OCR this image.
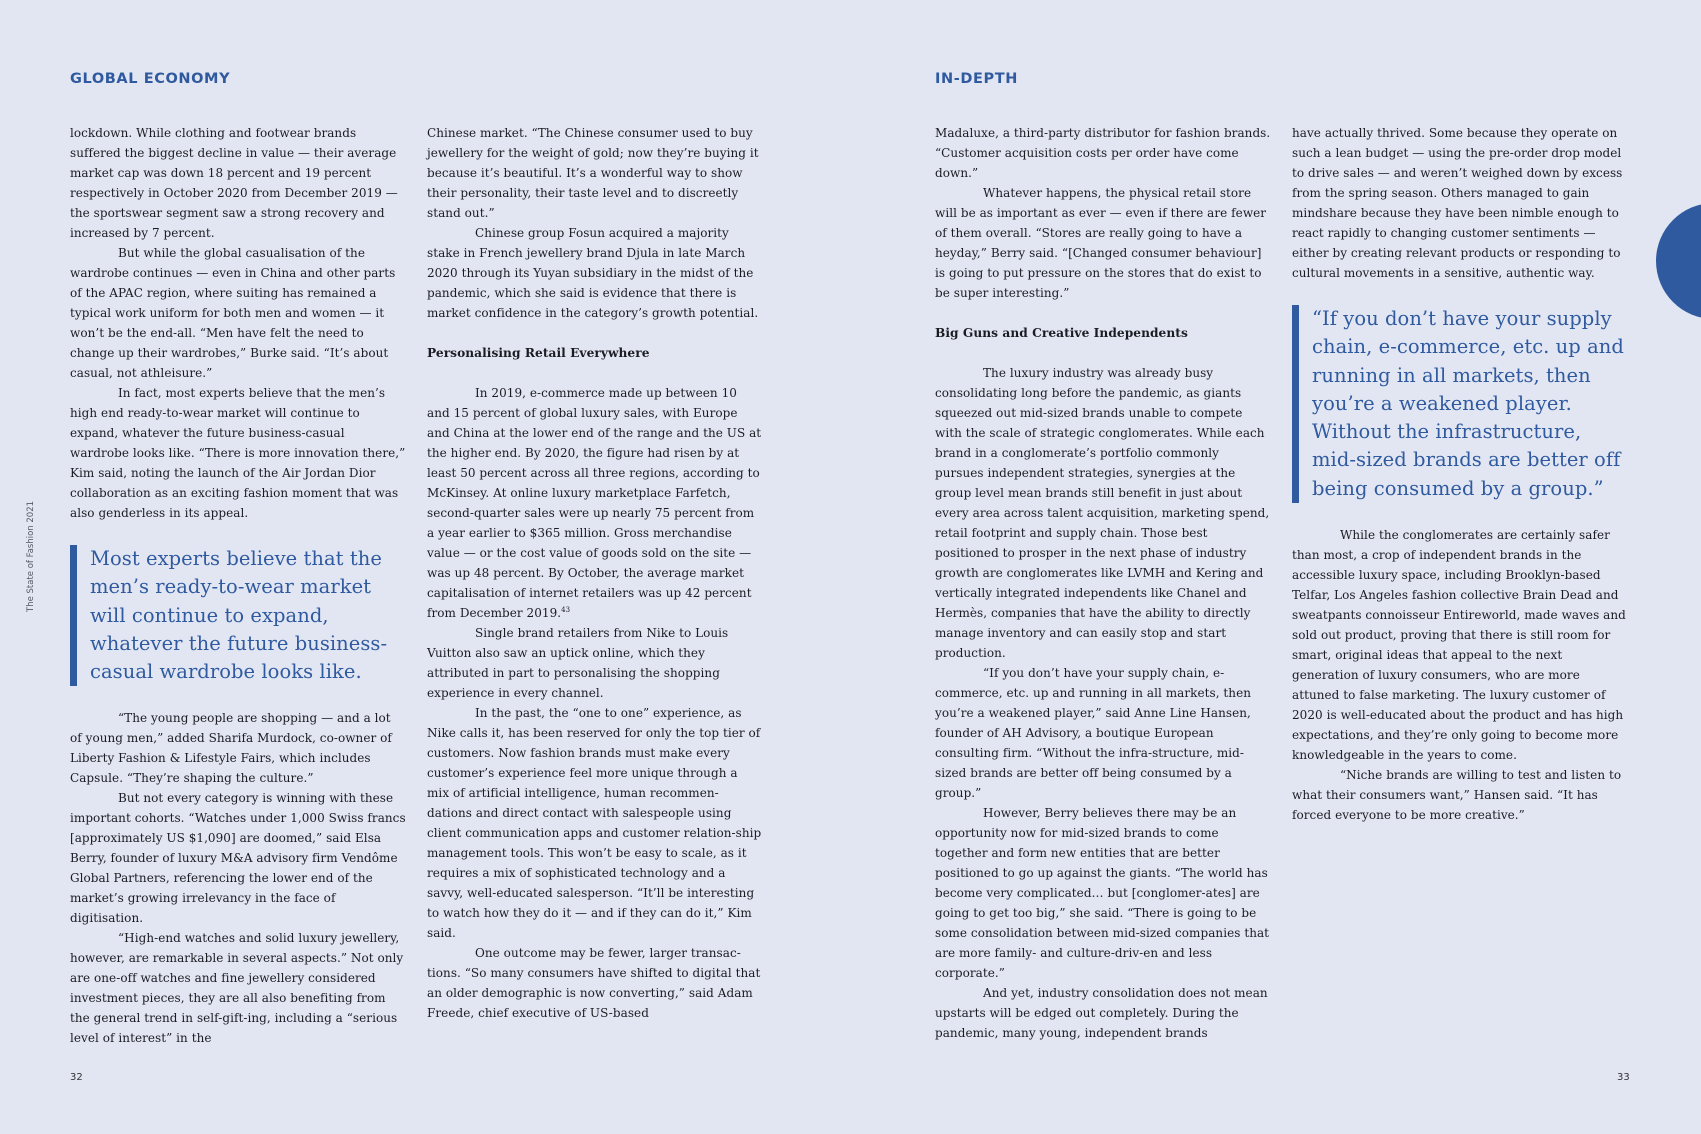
GLOBAL ECONOMY	IN-DEPTH
The State of Fashion 2021

lockdown. While clothing and footwear brands suffered the biggest decline in value — their average market cap was down 18 percent and 19 percent respectively in October 2020 from December 2019 — the sportswear segment saw a strong recovery and increased by 7 percent.

But while the global casualisation of the wardrobe continues — even in China and other parts of the APAC region, where suiting has remained a typical work uniform for both men and women — it won’t be the end-all. “Men have felt the need to change up their wardrobes,” Burke said. “It’s about casual, not athleisure.”

In fact, most experts believe that the men’s high end ready-to-wear market will continue to expand, whatever the future business-casual wardrobe looks like. “There is more innovation there,” Kim said, noting the launch of the Air Jordan Dior collaboration as an exciting fashion moment that was also genderless in its appeal.

Most experts believe that the men’s ready-to-wear market will continue to expand, whatever the future business-casual wardrobe looks like.

“The young people are shopping — and a lot of young men,” added Sharifa Murdock, co-owner of Liberty Fashion & Lifestyle Fairs, which includes Capsule. “They’re shaping the culture.”

But not every category is winning with these important cohorts. “Watches under 1,000 Swiss francs [approximately US $1,090] are doomed,” said Elsa Berry, founder of luxury M&A advisory firm Vendôme Global Partners, referencing the lower end of the market’s growing irrelevancy in the face of digitisation.

“High-end watches and solid luxury jewellery, however, are remarkable in several aspects.” Not only are one-off watches and fine jewellery considered investment pieces, they are all also benefiting from the general trend in self-gift-ing, including a “serious level of interest” in the

Chinese market. “The Chinese consumer used to buy jewellery for the weight of gold; now they’re buying it because it’s beautiful. It’s a wonderful way to show their personality, their taste level and to discreetly stand out.”

Chinese group Fosun acquired a majority stake in French jewellery brand Djula in late March 2020 through its Yuyan subsidiary in the midst of the pandemic, which she said is evidence that there is market confidence in the category’s growth potential.

Personalising Retail Everywhere

In 2019, e-commerce made up between 10 and 15 percent of global luxury sales, with Europe and China at the lower end of the range and the US at the higher end. By 2020, the figure had risen by at least 50 percent across all three regions, according to McKinsey. At online luxury marketplace Farfetch, second-quarter sales were up nearly 75 percent from a year earlier to $365 million. Gross merchandise value — or the cost value of goods sold on the site — was up 48 percent. By October, the average market capitalisation of internet retailers was up 42 percent from December 2019.43

Single brand retailers from Nike to Louis Vuitton also saw an uptick online, which they attributed in part to personalising the shopping experience in every channel.

In the past, the “one to one” experience, as Nike calls it, has been reserved for only the top tier of customers. Now fashion brands must make every customer’s experience feel more unique through a mix of artificial intelligence, human recommen-dations and direct contact with salespeople using client communication apps and customer relation-ship management tools. This won’t be easy to scale, as it requires a mix of sophisticated technology and a savvy, well-educated salesperson. “It’ll be interesting to watch how they do it — and if they can do it,” Kim said.

One outcome may be fewer, larger transac-tions. “So many consumers have shifted to digital that an older demographic is now converting,” said Adam Freede, chief executive of US-based

Madaluxe, a third-party distributor for fashion brands. “Customer acquisition costs per order have come down.”

Whatever happens, the physical retail store will be as important as ever — even if there are fewer of them overall. “Stores are really going to have a heyday,” Berry said. “[Changed consumer behaviour] is going to put pressure on the stores that do exist to be super interesting.”

Big Guns and Creative Independents

The luxury industry was already busy consolidating long before the pandemic, as giants squeezed out mid-sized brands unable to compete with the scale of strategic conglomerates. While each brand in a conglomerate’s portfolio commonly pursues independent strategies, synergies at the group level mean brands still benefit in just about every area across talent acquisition, marketing spend, retail footprint and supply chain. Those best positioned to prosper in the next phase of industry growth are conglomerates like LVMH and Kering and vertically integrated independents like Chanel and Hermès, companies that have the ability to directly manage inventory and can easily stop and start production.

“If you don’t have your supply chain, e-commerce, etc. up and running in all markets, then you’re a weakened player,” said Anne Line Hansen, founder of AH Advisory, a boutique European consulting firm. “Without the infra-structure, mid-sized brands are better off being consumed by a group.”

However, Berry believes there may be an opportunity now for mid-sized brands to come together and form new entities that are better positioned to go up against the giants. “The world has become very complicated… but [conglomer-ates] are going to get too big,” she said. “There is going to be some consolidation between mid-sized companies that are more family- and culture-driv-en and less corporate.”

And yet, industry consolidation does not mean upstarts will be edged out completely. During the pandemic, many young, independent brands

have actually thrived. Some because they operate on such a lean budget — using the pre-order drop model to drive sales — and weren’t weighed down by excess from the spring season. Others managed to gain mindshare because they have been nimble enough to react rapidly to changing customer sentiments — either by creating relevant products or responding to cultural movements in a sensitive, authentic way.

“If you don’t have your supply chain, e-commerce, etc. up and running in all markets, then you’re a weakened player. Without the infrastructure, mid-sized brands are better off being consumed by a group.”

While the conglomerates are certainly safer than most, a crop of independent brands in the accessible luxury space, including Brooklyn-based Telfar, Los Angeles fashion collective Brain Dead and sweatpants connoisseur Entireworld, made waves and sold out product, proving that there is still room for smart, original ideas that appeal to the next generation of luxury consumers, who are more attuned to false marketing. The luxury customer of 2020 is well-educated about the product and has high expectations, and they’re only going to become more knowledgeable in the years to come.

“Niche brands are willing to test and listen to what their consumers want,” Hansen said. “It has forced everyone to be more creative.”

32	33
